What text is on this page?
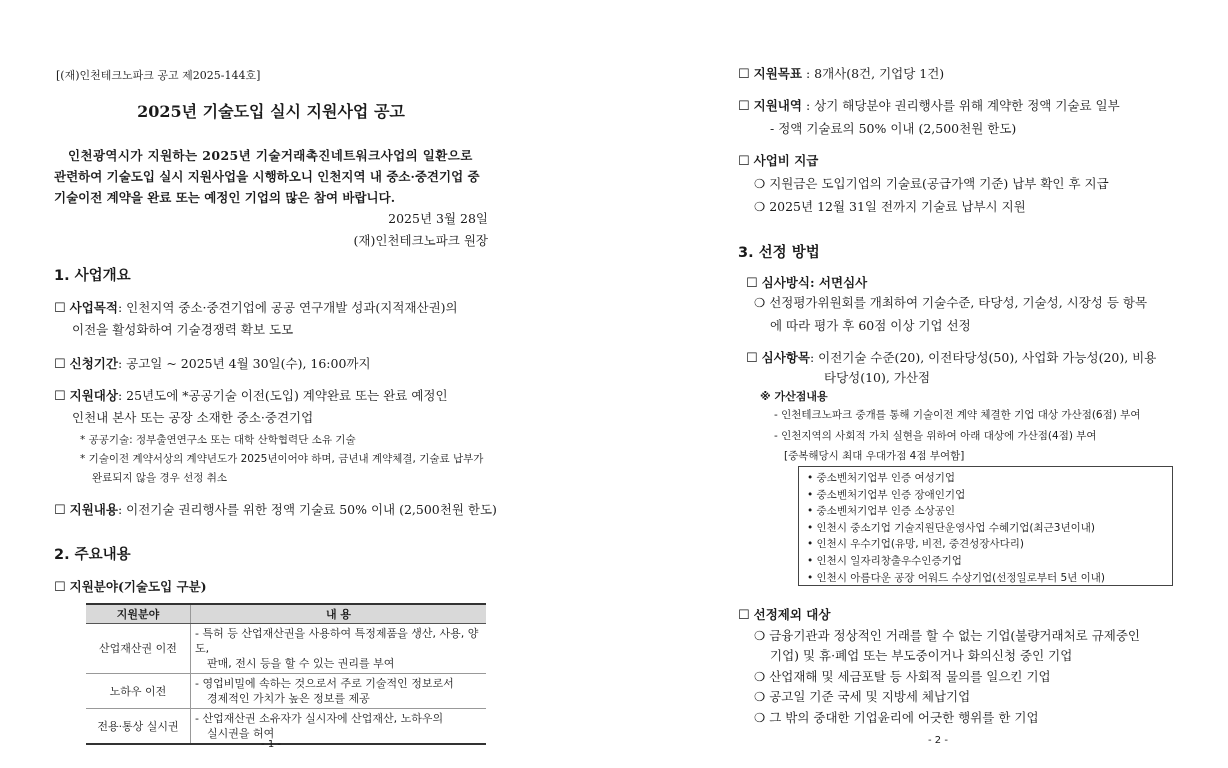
[(재)인천테크노파크 공고 제2025-144호]
2025년 기술도입 실시 지원사업 공고
인천광역시가 지원하는 2025년 기술거래촉진네트워크사업의 일환으로
관련하여 기술도입 실시 지원사업을 시행하오니 인천지역 내 중소·중견기업 중
기술이전 계약을 완료 또는 예정인 기업의 많은 참여 바랍니다.
2025년 3월 28일
(재)인천테크노파크 원장
1. 사업개요
☐ 사업목적: 인천지역 중소·중견기업에 공공 연구개발 성과(지적재산권)의
이전을 활성화하여 기술경쟁력 확보 도모
☐ 신청기간: 공고일 ~ 2025년 4월 30일(수), 16:00까지
☐ 지원대상: 25년도에 *공공기술 이전(도입) 계약완료 또는 완료 예정인
인천내 본사 또는 공장 소재한 중소·중견기업
* 공공기술: 정부출연연구소 또는 대학 산학협력단 소유 기술
* 기술이전 계약서상의 계약년도가 2025년이어야 하며, 금년내 계약체결, 기술료 납부가
완료되지 않을 경우 선정 취소
☐ 지원내용: 이전기술 권리행사를 위한 정액 기술료 50% 이내 (2,500천원 한도)
2. 주요내용
☐ 지원분야(기술도입 구분)
지원분야	내 용
산업재산권 이전	- 특허 등 산업재산권을 사용하여 특정제품을 생산, 사용, 양도,
판매, 전시 등을 할 수 있는 권리를 부여

노하우 이전	- 영업비밀에 속하는 것으로서 주로 기술적인 정보로서
경제적인 가치가 높은 정보를 제공

전용·통상 실시권	- 산업재산권 소유자가 실시자에 산업재산, 노하우의
실시권을 허여
- 1 -
☐ 지원목표 : 8개사(8건, 기업당 1건)
☐ 지원내역 : 상기 해당분야 권리행사를 위해 계약한 정액 기술료 일부
- 정액 기술료의 50% 이내 (2,500천원 한도)
☐ 사업비 지급
❍ 지원금은 도입기업의 기술료(공급가액 기준) 납부 확인 후 지급
❍ 2025년 12월 31일 전까지 기술료 납부시 지원
3. 선정 방법
☐ 심사방식: 서면심사
❍ 선정평가위원회를 개최하여 기술수준, 타당성, 기술성, 시장성 등 항목
에 따라 평가 후 60점 이상 기업 선정
☐ 심사항목: 이전기술 수준(20), 이전타당성(50), 사업화 가능성(20), 비용
타당성(10), 가산점
※ 가산점내용
- 인천테크노파크 중개를 통해 기술이전 계약 체결한 기업 대상 가산점(6점) 부여
- 인천지역의 사회적 가치 실현을 위하여 아래 대상에 가산점(4점) 부여
[중복해당시 최대 우대가점 4점 부여함]
• 중소벤처기업부 인증 여성기업
• 중소벤처기업부 인증 장애인기업
• 중소벤처기업부 인증 소상공인
• 인천시 중소기업 기술지원단운영사업 수혜기업(최근3년이내)
• 인천시 우수기업(유망, 비전, 중견성장사다리)
• 인천시 일자리창출우수인증기업
• 인천시 아름다운 공장 어워드 수상기업(선정일로부터 5년 이내)
☐ 선정제외 대상
❍ 금융기관과 정상적인 거래를 할 수 없는 기업(불량거래처로 규제중인
기업) 및 휴·폐업 또는 부도중이거나 화의신청 중인 기업
❍ 산업재해 및 세금포탈 등 사회적 물의를 일으킨 기업
❍ 공고일 기준 국세 및 지방세 체납기업
❍ 그 밖의 중대한 기업윤리에 어긋한 행위를 한 기업
- 2 -
